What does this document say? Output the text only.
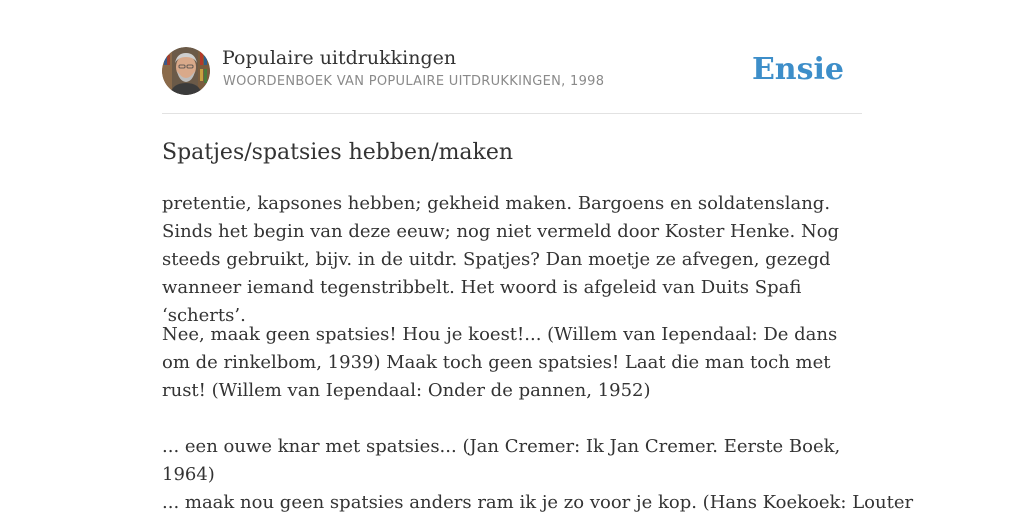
Populaire uitdrukkingen
WOORDENBOEK VAN POPULAIRE UITDRUKKINGEN, 1998	Ensie
Spatjes/spatsies hebben/maken

pretentie, kapsones hebben; gekheid maken. Bargoens en soldatenslang. Sinds het begin van deze eeuw; nog niet vermeld door Koster Henke. Nog steeds gebruikt, bijv. in de uitdr. Spatjes? Dan moetje ze afvegen, gezegd wanneer iemand tegenstribbelt. Het woord is afgeleid van Duits Spafi ‘scherts’.

Nee, maak geen spatsies! Hou je koest!... (Willem van Iependaal: De dans om de rinkelbom, 1939) Maak toch geen spatsies! Laat die man toch met rust! (Willem van Iependaal: Onder de pannen, 1952)

... een ouwe knar met spatsies... (Jan Cremer: Ik Jan Cremer. Eerste Boek, 1964)

... maak nou geen spatsies anders ram ik je zo voor je kop. (Hans Koekoek: Louter
